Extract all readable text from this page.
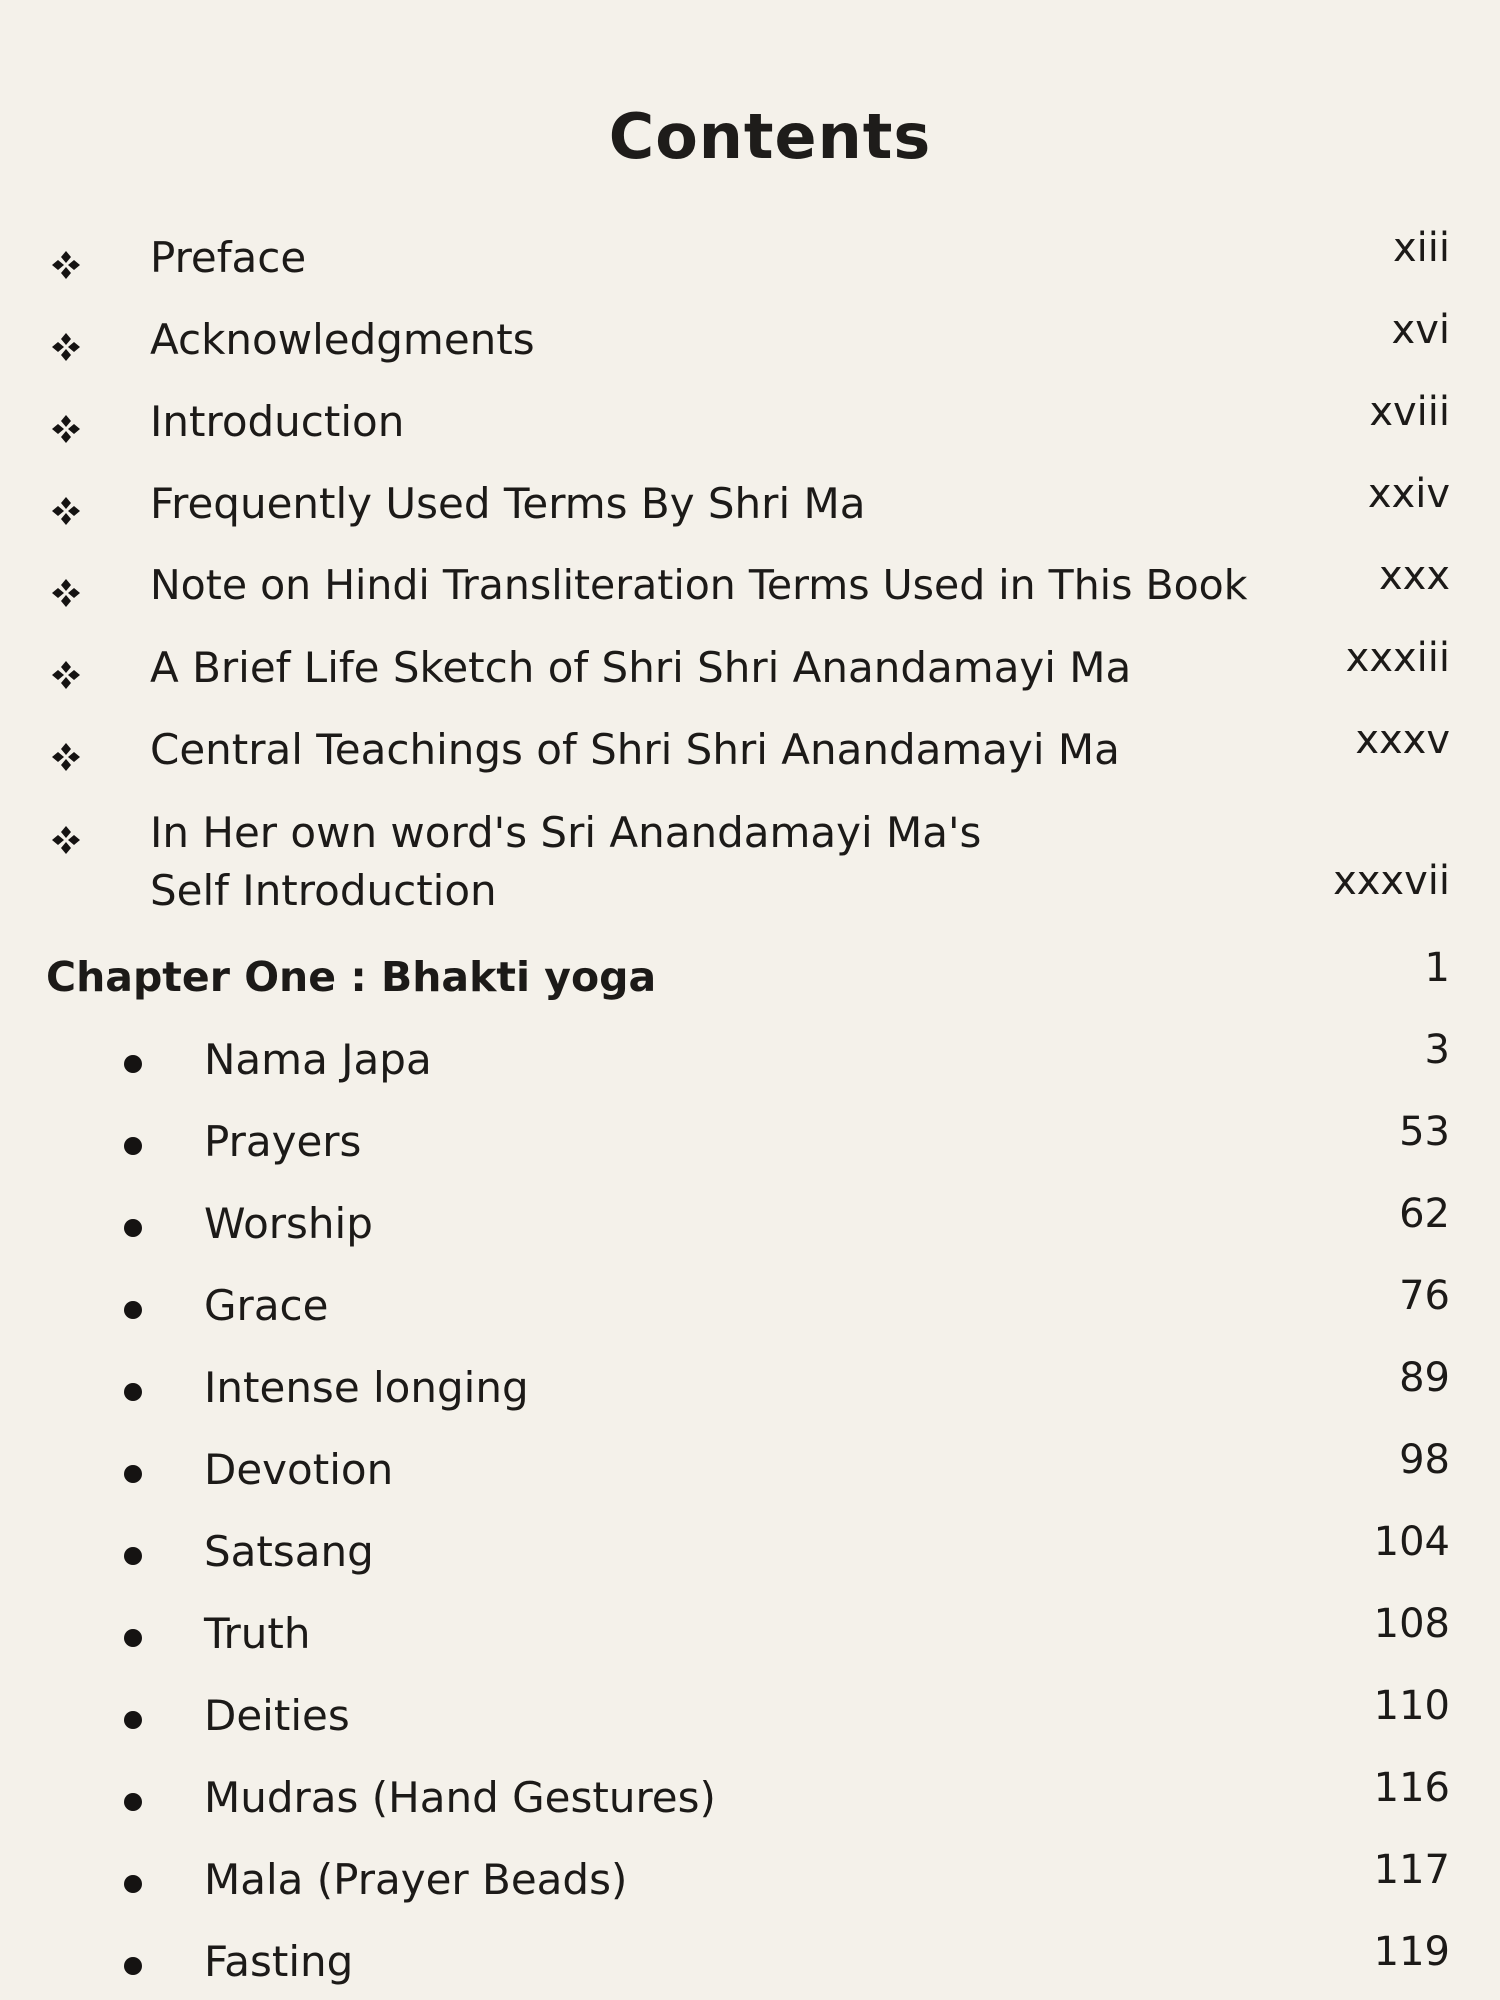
Contents
Preface	xiii
Acknowledgments	xvi
Introduction	xviii
Frequently Used Terms By Shri Ma	xxiv
Note on Hindi Transliteration Terms Used in This Book	xxx
A Brief Life Sketch of Shri Shri Anandamayi Ma	xxxiii
Central Teachings of Shri Shri Anandamayi Ma	xxxv
In Her own word's Sri Anandamayi Ma's
Self Introduction	xxxvii
Chapter One : Bhakti yoga	1
Nama Japa	3
Prayers	53
Worship	62
Grace	76
Intense longing	89
Devotion	98
Satsang	104
Truth	108
Deities	110
Mudras (Hand Gestures)	116
Mala (Prayer Beads)	117
Fasting	119
